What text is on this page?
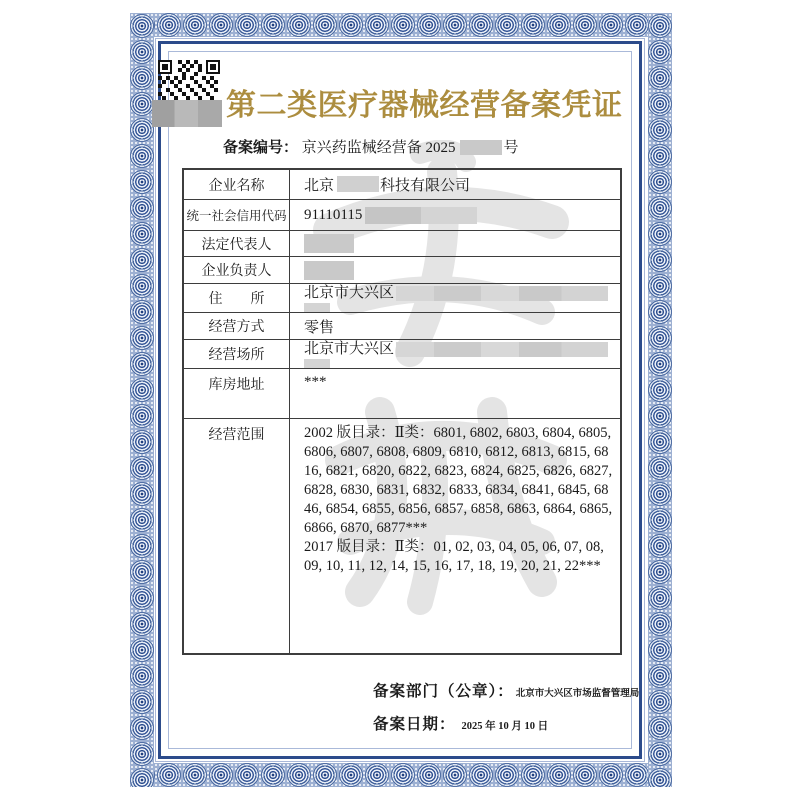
第二类医疗器械经营备案凭证
备案编号： 京兴药监械经营备 2025	号
企业名称	北京	科技有限公司
统一社会信用代码 91110115
法定代表人
企业负责人
住　　所	北京市大兴区
经营方式	零售
经营场所	北京市大兴区
库房地址	***
经营范围	2002 版目录：Ⅱ类：6801, 6802, 6803, 6804, 6805, 6806, 6807, 6808, 6809, 6810, 6812, 6813, 6815, 6816, 6821, 6820, 6822, 6823, 6824, 6825, 6826, 6827, 6828, 6830, 6831, 6832, 6833, 6834, 6841, 6845, 6846, 6854, 6855, 6856, 6857, 6858, 6863, 6864, 6865, 6866, 6870, 6877***
2017 版目录：Ⅱ类：01, 02, 03, 04, 05, 06, 07, 08, 09, 10, 11, 12, 14, 15, 16, 17, 18, 19, 20, 21, 22***
备案部门（公章）： 北京市大兴区市场监督管理局
备案日期： 2025 年 10 月 10 日
